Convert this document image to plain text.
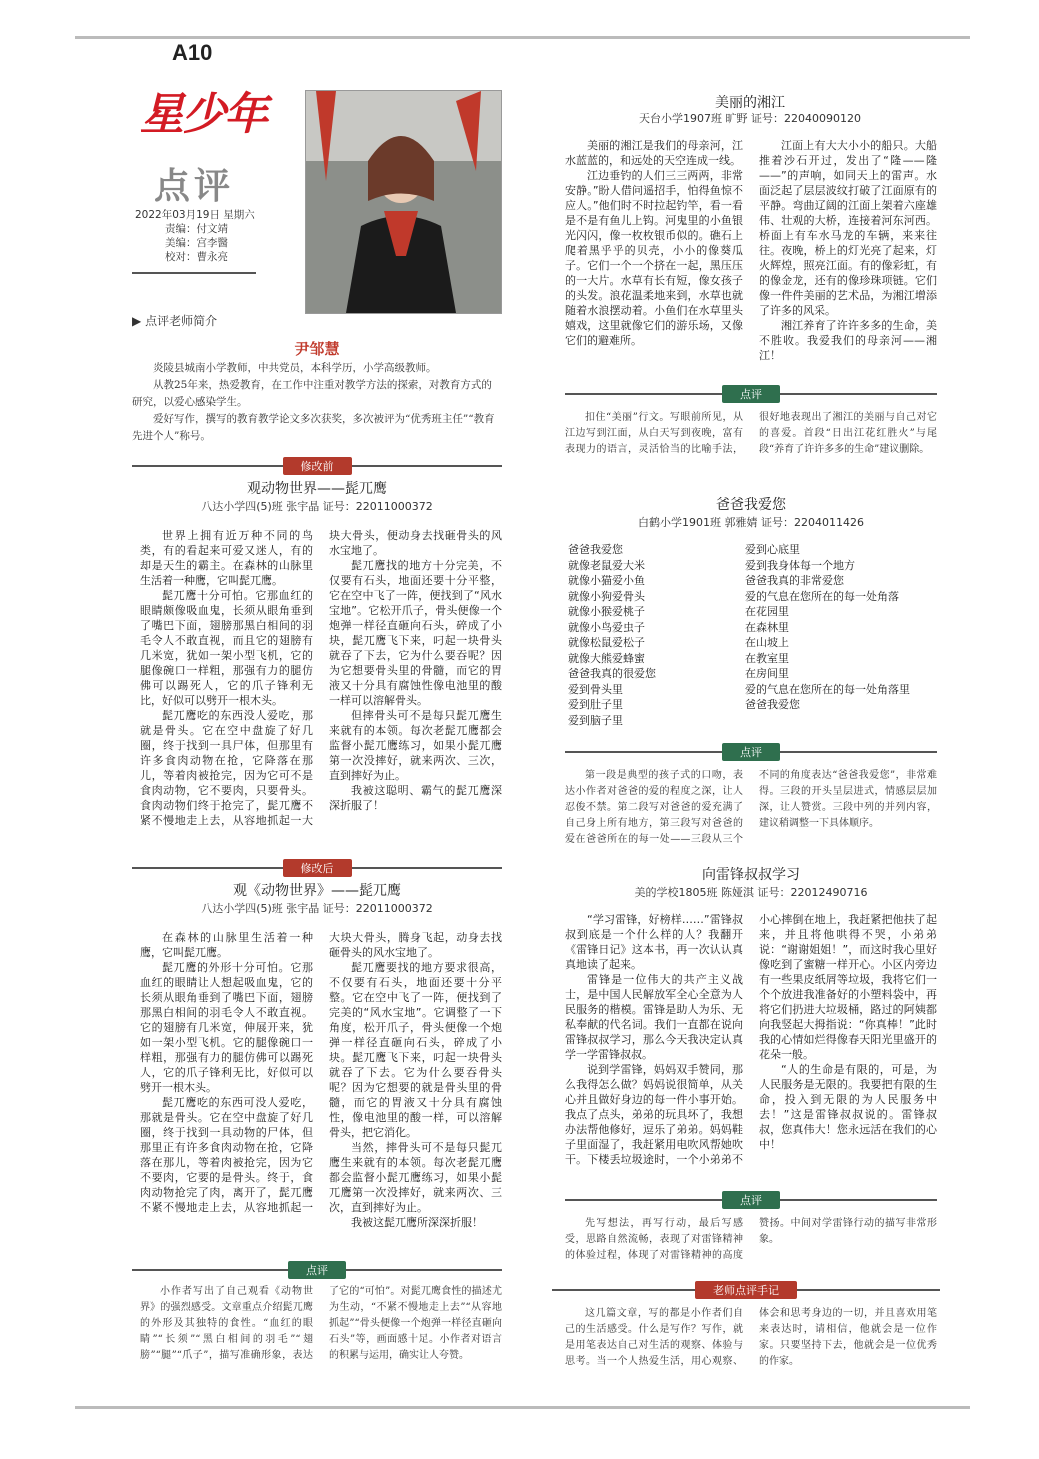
A10
星少年
点评
2022年03月19日 星期六
责编：付文靖
美编：宫李醫
校对：曹永亮
▶ 点评老师简介
尹邹慧

炎陵县城南小学教师，中共党员，本科学历，小学高级教师。

从教25年来，热爱教育，在工作中注重对教学方法的探索，对教育方式的研究，以爱心感染学生。

爱好写作，撰写的教育教学论文多次获奖，多次被评为“优秀班主任”“教育先进个人”称号。

修改前
观动物世界——髭兀鹰
八达小学四(5)班 张宇晶 证号：22011000372

世界上拥有近万种不同的鸟类，有的看起来可爱又迷人，有的却是天生的霸主。在森林的山脉里生活着一种鹰，它叫髭兀鹰。

髭兀鹰十分可怕。它那血红的眼睛颇像吸血鬼，长须从眼角垂到了嘴巴下面，翅膀那黑白相间的羽毛令人不敢直视，而且它的翅膀有几米宽，犹如一架小型飞机，它的腿像碗口一样粗，那强有力的腿仿佛可以踢死人，它的爪子锋利无比，好似可以劈开一根木头。

髭兀鹰吃的东西没人爱吃，那就是骨头。它在空中盘旋了好几圈，终于找到一具尸体，但那里有许多食肉动物在抢，它降落在那儿，等着肉被抢完，因为它可不是食肉动物，它不要肉，只要骨头。食肉动物们终于抢完了，髭兀鹰不紧不慢地走上去，从容地抓起一大块大骨头，便动身去找砸骨头的风水宝地了。

髭兀鹰找的地方十分完美，不仅要有石头，地面还要十分平整，它在空中飞了一阵，便找到了“风水宝地”。它松开爪子，骨头便像一个炮弹一样径直砸向石头，碎成了小块，髭兀鹰飞下来，叼起一块骨头就吞了下去，它为什么要吞呢？因为它想要骨头里的骨髓，而它的胃液又十分具有腐蚀性像电池里的酸一样可以溶解骨头。

但摔骨头可不是每只髭兀鹰生来就有的本领。每次老髭兀鹰都会监督小髭兀鹰练习，如果小髭兀鹰第一次没摔好，就来两次、三次，直到摔好为止。

我被这聪明、霸气的髭兀鹰深深折服了！

修改后
观《动物世界》——髭兀鹰
八达小学四(5)班 张宇晶 证号：22011000372

在森林的山脉里生活着一种鹰，它叫髭兀鹰。

髭兀鹰的外形十分可怕。它那血红的眼睛让人想起吸血鬼，它的长须从眼角垂到了嘴巴下面，翅膀那黑白相间的羽毛令人不敢直视。它的翅膀有几米宽，伸展开来，犹如一架小型飞机。它的腿像碗口一样粗，那强有力的腿仿佛可以踢死人，它的爪子锋利无比，好似可以劈开一根木头。

髭兀鹰吃的东西可没人爱吃，那就是骨头。它在空中盘旋了好几圈，终于找到一具动物的尸体，但那里正有许多食肉动物在抢，它降落在那儿，等着肉被抢完，因为它不要肉，它要的是骨头。终于，食肉动物抢完了肉，离开了，髭兀鹰不紧不慢地走上去，从容地抓起一大块大骨头，腾身飞起，动身去找砸骨头的风水宝地了。

髭兀鹰要找的地方要求很高，不仅要有石头，地面还要十分平整。它在空中飞了一阵，便找到了完美的“风水宝地”。它调整了一下角度，松开爪子，骨头便像一个炮弹一样径直砸向石头，碎成了小块。髭兀鹰飞下来，叼起一块骨头就吞了下去。它为什么要吞骨头呢？因为它想要的就是骨头里的骨髓，而它的胃液又十分具有腐蚀性，像电池里的酸一样，可以溶解骨头，把它消化。

当然，摔骨头可不是每只髭兀鹰生来就有的本领。每次老髭兀鹰都会监督小髭兀鹰练习，如果小髭兀鹰第一次没摔好，就来两次、三次，直到摔好为止。

我被这髭兀鹰所深深折服！

点评

小作者写出了自己观看《动物世界》的强烈感受。文章重点介绍髭兀鹰的外形及其独特的食性。“血红的眼睛”“长须”“黑白相间的羽毛”“翅膀”“腿”“爪子”，描写准确形象，表达了它的“可怕”。对髭兀鹰食性的描述尤为生动，“不紧不慢地走上去”“从容地抓起”“骨头便像一个炮弹一样径直砸向石头”等，画面感十足。小作者对语言的积累与运用，确实让人夸赞。

美丽的湘江
天台小学1907班 旷野 证号：22040090120

美丽的湘江是我们的母亲河，江水蓝蓝的，和远处的天空连成一线。

江边垂钓的人们三三两两，非常安静。”盼人借问遥招手，怕得鱼惊不应人。”他们时不时拉起钓竿，看一看是不是有鱼儿上钩。河鬼里的小鱼银光闪闪，像一枚枚银币似的。礁石上爬着黑乎乎的贝壳，小小的像葵瓜子。它们一个一个挤在一起，黑压压的一大片。水草有长有短，像女孩子的头发。浪花温柔地来到，水草也就随着水浪摆动着。小鱼们在水草里头嬉戏，这里就像它们的游乐场，又像它们的避难所。

江面上有大大小小的船只。大船推着沙石开过，发出了“隆——隆——”的声响，如同天上的雷声。水面泛起了层层波纹打破了江面原有的平静。弯曲辽阔的江面上架着六座雄伟、壮观的大桥，连接着河东河西。桥面上有车水马龙的车辆，来来往往。夜晚，桥上的灯光亮了起来，灯火辉煌，照亮江面。有的像彩虹，有的像金龙，还有的像珍珠项链。它们像一件件美丽的艺术品，为湘江增添了许多的风采。

湘江养育了许许多多的生命，美不胜收。我爱我们的母亲河——湘江！

点评

扣住“美丽”行文。写眼前所见，从江边写到江面，从白天写到夜晚，富有表现力的语言，灵活恰当的比喻手法，很好地表现出了湘江的美丽与自己对它的喜爱。首段“日出江花红胜火”与尾段“养育了许许多多的生命”建议删除。

爸爸我爱您
白鹤小学1901班 郭雅婧 证号：2204011426
爸爸我爱您
就像老鼠爱大米
就像小猫爱小鱼
就像小狗爱骨头
就像小猴爱桃子
就像小鸟爱虫子
就像松鼠爱松子
就像大熊爱蜂蜜
爸爸我真的很爱您
爱到骨头里
爱到肚子里
爱到脑子里
爱到心底里
爱到我身体每一个地方
爸爸我真的非常爱您
爱的气息在您所在的每一处角落
在花园里
在森林里
在山坡上
在教室里
在房间里
爱的气息在您所在的每一处角落里
爸爸我爱您
点评

第一段是典型的孩子式的口吻，表达小作者对爸爸的爱的程度之深，让人忍俊不禁。第二段写对爸爸的爱充满了自己身上所有地方，第三段写对爸爸的爱在爸爸所在的每一处——三段从三个不同的角度表达“爸爸我爱您”，非常难得。三段的开头呈层进式，情感层层加深，让人赞赏。三段中列的并列内容，建议稍调整一下具体顺序。

向雷锋叔叔学习
美的学校1805班 陈娅淇 证号：22012490716

“学习雷锋，好榜样……”雷锋叔叔到底是一个什么样的人？我翻开《雷锋日记》这本书，再一次认认真真地读了起来。

雷锋是一位伟大的共产主义战士，是中国人民解放军全心全意为人民服务的楷模。雷锋是助人为乐、无私奉献的代名词。我们一直都在说向雷锋叔叔学习，那么今天我决定认真学一学雷锋叔叔。

说到学雷锋，妈妈双手赞同，那么我得怎么做？妈妈说很简单，从关心并且做好身边的每一件小事开始。我点了点头，弟弟的玩具坏了，我想办法帮他修好，逗乐了弟弟。妈妈鞋子里面湿了，我赶紧用电吹风帮她吹干。下楼丢垃圾途时，一个小弟弟不小心摔倒在地上，我赶紧把他扶了起来，并且将他哄得不哭，小弟弟说：“谢谢姐姐！”，而这时我心里好像吃到了蜜糖一样开心。小区内旁边有一些果皮纸屑等垃圾，我将它们一个个放进我准备好的小塑料袋中，再将它们扔进大垃圾桶，路过的阿姨都向我竖起大拇指说：“你真棒！”此时我的心情如烂得像春天阳光里盛开的花朵一般。

“人的生命是有限的，可是，为人民服务是无限的。我要把有限的生命，投入到无限的为人民服务中去！”这是雷锋叔叔说的。雷锋叔叔，您真伟大！您永远活在我们的心中！

点评

先写想法，再写行动，最后写感受，思路自然流畅，表现了对雷锋精神的体验过程，体现了对雷锋精神的高度赞扬。中间对学雷锋行动的描写非常形象。

老师点评手记

这几篇文章，写的都是小作者们自己的生活感受。什么是写作？写作，就是用笔表达自己对生活的观察、体验与思考。当一个人热爱生活，用心观察、体会和思考身边的一切，并且喜欢用笔来表达时，请相信，他就会是一位作家。只要坚持下去，他就会是一位优秀的作家。
